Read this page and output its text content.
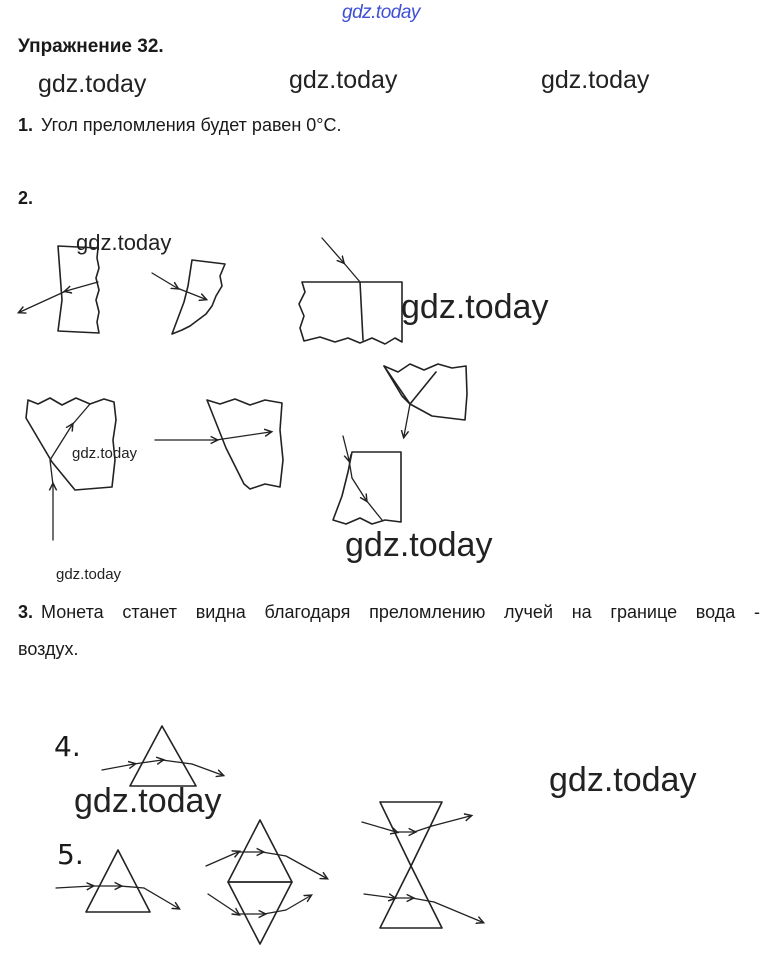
gdz.today
gdz.today	gdz.today	gdz.today
Упражнение 32.
1. Угол преломления будет равен 0°С.
2.
gdz.today
gdz.today
gdz.today
gdz.today
gdz.today
3. Монета станет видна благодаря преломлению лучей на границе вода - воздух.
4.
5.
gdz.today
gdz.today
